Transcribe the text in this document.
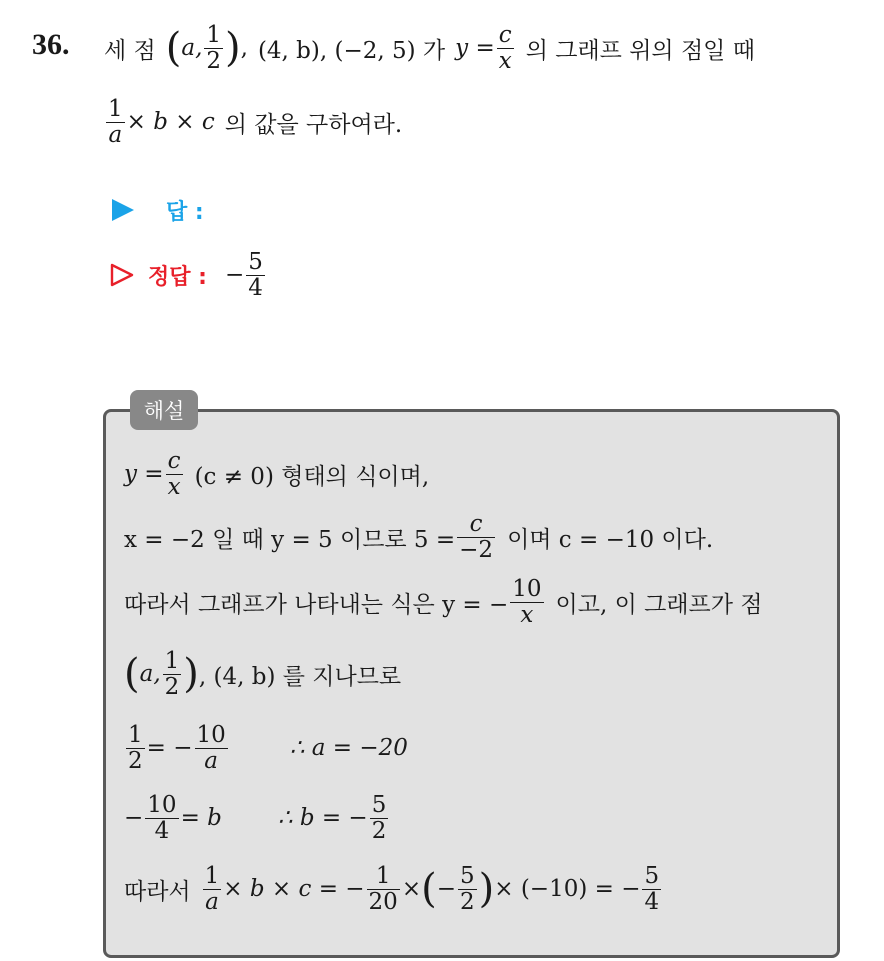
36. 세 점 ( a, $\frac{1}{2}$ ) , (4, b), (−2, 5) 가 $y = \frac{c}{x}$ 의 그래프 위의 점일 때
$\frac{1}{a} \times b \times c$ 의 값을 구하여라.
답 :
정답 : − $\frac{5}{4}$
해설
$y = \frac{c}{x} (c \ne 0)$ 형태의 식이며,
x = −2 일 때 y = 5 이므로 $5 = \frac{c}{-2}$ 이며 c = −10 이다.
따라서 그래프가 나타내는 식은 y = − $\frac{10}{x}$ 이고, 이 그래프가 점
( a, $\frac{1}{2}$ ) , (4, b) 를 지나므로
$\frac{1}{2}$ = − $\frac{10}{a}$	∴ a = −20
− $\frac{10}{4} = b$ ∴ b = − $\frac{5}{2}$
따라서 $\frac{1}{a} \times b \times c$ = − $\frac{1}{20}$ × ( − $\frac{5}{2}$ ) × (−10) = − $\frac{5}{4}$
